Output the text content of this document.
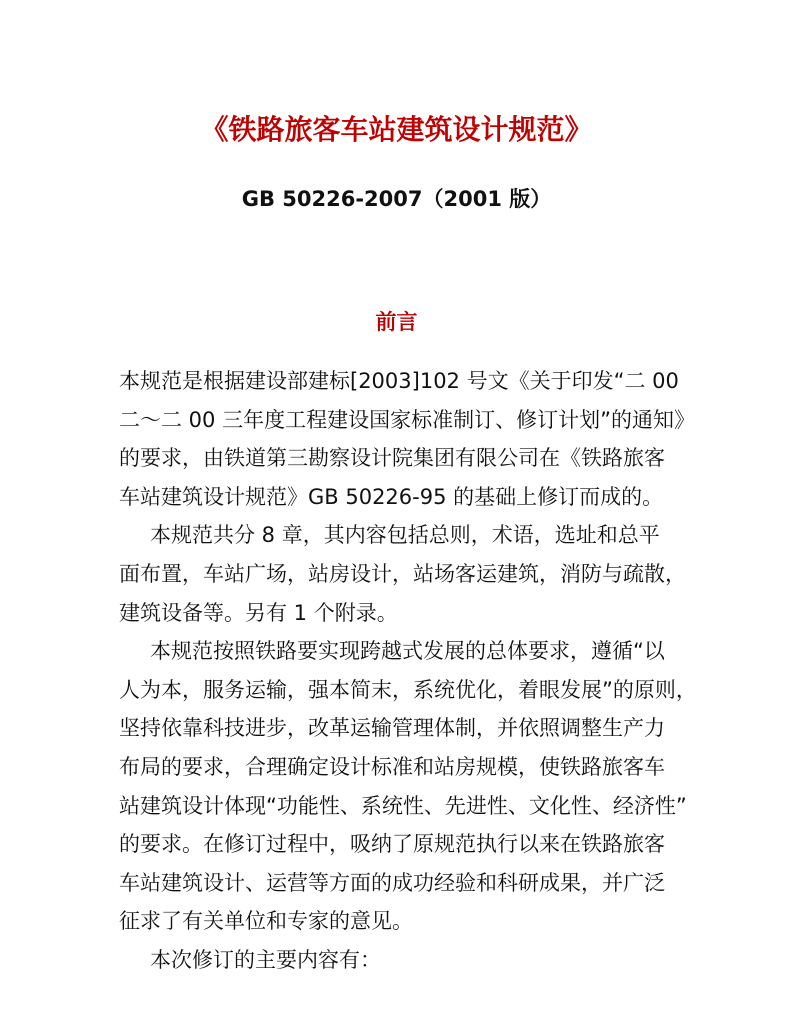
《铁路旅客车站建筑设计规范》
GB 50226-2007（2001 版）
前言
本规范是根据建设部建标[2003]102 号文《关于印发“二 00
二～二 00 三年度工程建设国家标准制订、修订计划”的通知》
的要求，由铁道第三勘察设计院集团有限公司在《铁路旅客
车站建筑设计规范》GB 50226-95 的基础上修订而成的。
本规范共分 8 章，其内容包括总则，术语，选址和总平
面布置，车站广场，站房设计，站场客运建筑，消防与疏散，
建筑设备等。另有 1 个附录。
本规范按照铁路要实现跨越式发展的总体要求，遵循“以
人为本，服务运输，强本简末，系统优化，着眼发展”的原则，
坚持依靠科技进步，改革运输管理体制，并依照调整生产力
布局的要求，合理确定设计标准和站房规模，使铁路旅客车
站建筑设计体现“功能性、系统性、先进性、文化性、经济性”
的要求。在修订过程中，吸纳了原规范执行以来在铁路旅客
车站建筑设计、运营等方面的成功经验和科研成果，并广泛
征求了有关单位和专家的意见。
本次修订的主要内容有：
